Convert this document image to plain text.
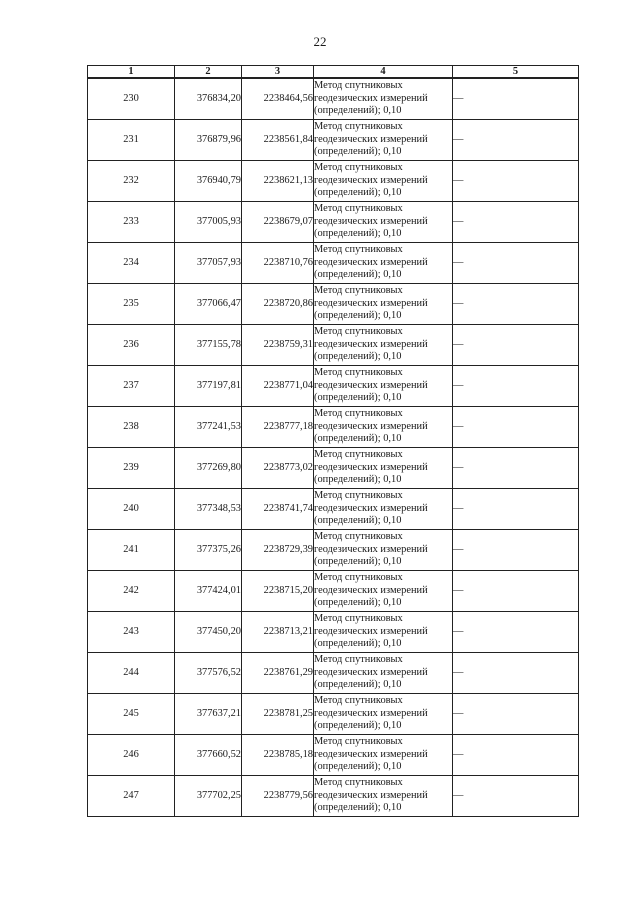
22
1	2	3	4	5
230	376834,20	2238464,56	Метод спутниковых
геодезических измерений
(определений); 0,10	—
231	376879,96	2238561,84	Метод спутниковых
геодезических измерений
(определений); 0,10	—
232	376940,79	2238621,13	Метод спутниковых
геодезических измерений
(определений); 0,10	—
233	377005,93	2238679,07	Метод спутниковых
геодезических измерений
(определений); 0,10	—
234	377057,93	2238710,76	Метод спутниковых
геодезических измерений
(определений); 0,10	—
235	377066,47	2238720,86	Метод спутниковых
геодезических измерений
(определений); 0,10	—
236	377155,78	2238759,31	Метод спутниковых
геодезических измерений
(определений); 0,10	—
237	377197,81	2238771,04	Метод спутниковых
геодезических измерений
(определений); 0,10	—
238	377241,53	2238777,18	Метод спутниковых
геодезических измерений
(определений); 0,10	—
239	377269,80	2238773,02	Метод спутниковых
геодезических измерений
(определений); 0,10	—
240	377348,53	2238741,74	Метод спутниковых
геодезических измерений
(определений); 0,10	—
241	377375,26	2238729,39	Метод спутниковых
геодезических измерений
(определений); 0,10	—
242	377424,01	2238715,20	Метод спутниковых
геодезических измерений
(определений); 0,10	—
243	377450,20	2238713,21	Метод спутниковых
геодезических измерений
(определений); 0,10	—
244	377576,52	2238761,29	Метод спутниковых
геодезических измерений
(определений); 0,10	—
245	377637,21	2238781,25	Метод спутниковых
геодезических измерений
(определений); 0,10	—
246	377660,52	2238785,18	Метод спутниковых
геодезических измерений
(определений); 0,10	—
247	377702,25	2238779,56	Метод спутниковых
геодезических измерений
(определений); 0,10	—
